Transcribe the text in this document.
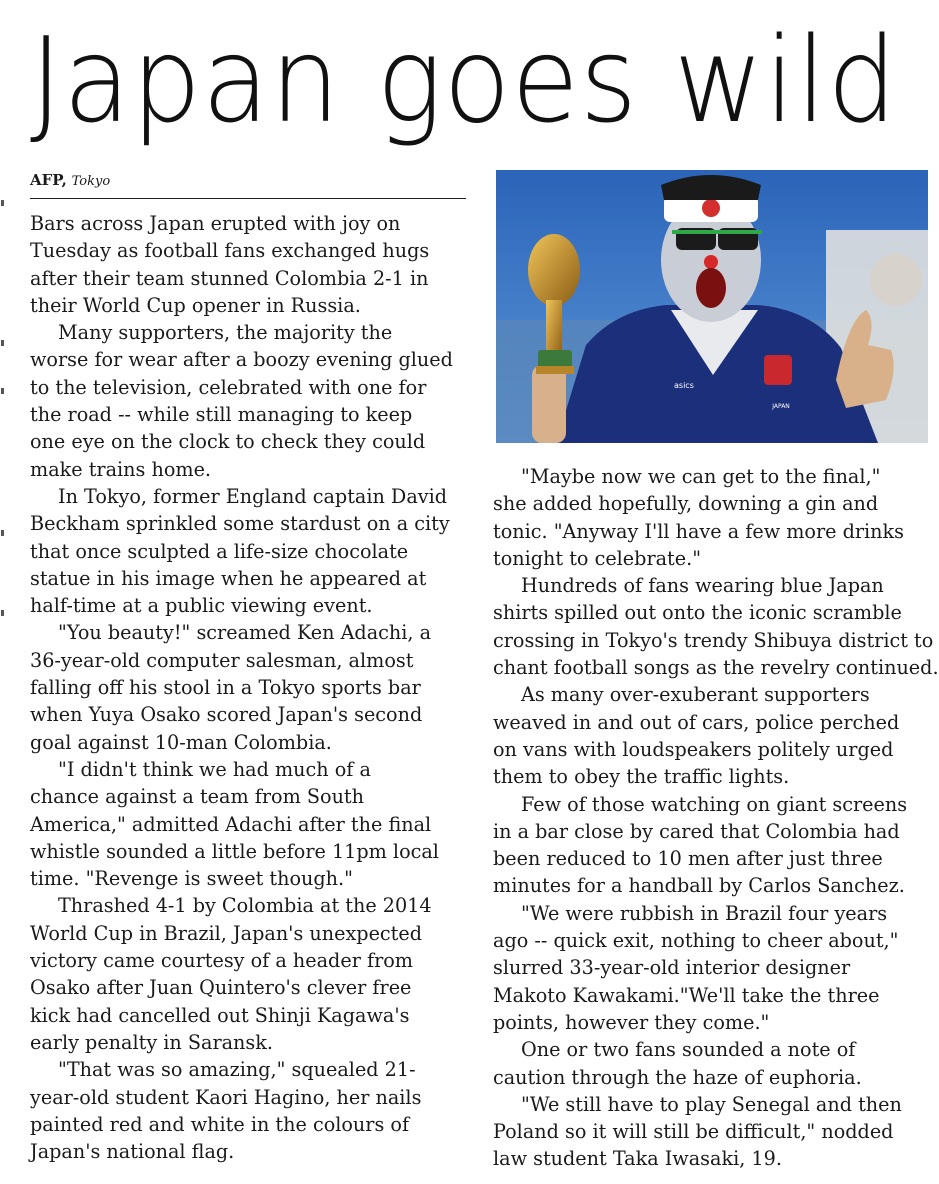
Japan goes wild
AFP, Tokyo

Bars across Japan erupted with joy on
Tuesday as football fans exchanged hugs
after their team stunned Colombia 2-1 in
their World Cup opener in Russia.

Many supporters, the majority the
worse for wear after a boozy evening glued
to the television, celebrated with one for
the road -- while still managing to keep
one eye on the clock to check they could
make trains home.

In Tokyo, former England captain David
Beckham sprinkled some stardust on a city
that once sculpted a life-size chocolate
statue in his image when he appeared at
half-time at a public viewing event.

"You beauty!" screamed Ken Adachi, a
36-year-old computer salesman, almost
falling off his stool in a Tokyo sports bar
when Yuya Osako scored Japan's second
goal against 10-man Colombia.

"I didn't think we had much of a
chance against a team from South
America," admitted Adachi after the final
whistle sounded a little before 11pm local
time. "Revenge is sweet though."

Thrashed 4-1 by Colombia at the 2014
World Cup in Brazil, Japan's unexpected
victory came courtesy of a header from
Osako after Juan Quintero's clever free
kick had cancelled out Shinji Kagawa's
early penalty in Saransk.

"That was so amazing," squealed 21-
year-old student Kaori Hagino, her nails
painted red and white in the colours of
Japan's national flag.

"Maybe now we can get to the final,"
she added hopefully, downing a gin and
tonic. "Anyway I'll have a few more drinks
tonight to celebrate."

Hundreds of fans wearing blue Japan
shirts spilled out onto the iconic scramble
crossing in Tokyo's trendy Shibuya district to
chant football songs as the revelry continued.

As many over-exuberant supporters
weaved in and out of cars, police perched
on vans with loudspeakers politely urged
them to obey the traffic lights.

Few of those watching on giant screens
in a bar close by cared that Colombia had
been reduced to 10 men after just three
minutes for a handball by Carlos Sanchez.

"We were rubbish in Brazil four years
ago -- quick exit, nothing to cheer about,"
slurred 33-year-old interior designer
Makoto Kawakami."We'll take the three
points, however they come."

One or two fans sounded a note of
caution through the haze of euphoria.

"We still have to play Senegal and then
Poland so it will still be difficult," nodded
law student Taka Iwasaki, 19.

JAPAN
asics
